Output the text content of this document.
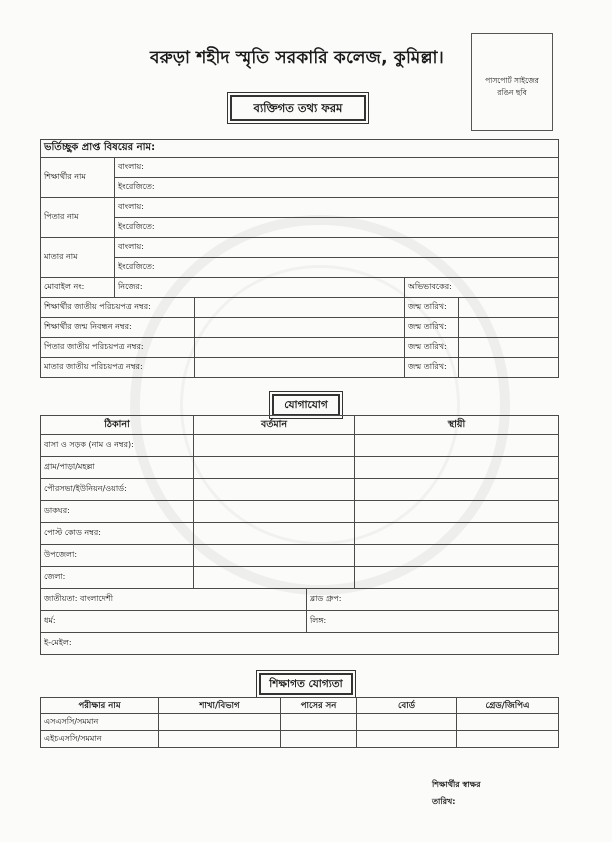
বরুড়া শহীদ স্মৃতি সরকারি কলেজ, কুমিল্লা।
পাসপোর্ট সাইজের
রঙিন ছবি
ব্যক্তিগত তথ্য ফরম
ভর্তিচ্ছুক প্রাপ্ত বিষয়ের নাম:				
শিক্ষার্থীর নাম	বাংলায়:			
	ইংরেজিতে:			
পিতার নাম	বাংলায়:			
	ইংরেজিতে:			
মাতার নাম	বাংলায়:			
	ইংরেজিতে:			
মোবাইল নং:	নিজের:		অভিভাবকের:	
শিক্ষার্থীর জাতীয় পরিচয়পত্র নম্বর:			জন্ম তারিখ:	
শিক্ষার্থীর জন্ম নিবন্ধন নম্বর:			জন্ম তারিখ:	
পিতার জাতীয় পরিচয়পত্র নম্বর:			জন্ম তারিখ:	
মাতার জাতীয় পরিচয়পত্র নম্বর:			জন্ম তারিখ:	
যোগাযোগ
ঠিকানা	বর্তমান		স্থায়ী
বাসা ও সড়ক (নাম ও নম্বর):			
গ্রাম/পাড়া/মহল্লা			
পৌরসভা/ইউনিয়ন/ওয়ার্ড:			
ডাকঘর:			
পোস্ট কোড নম্বর:			
উপজেলা:			
জেলা:			
জাতীয়তা: বাংলাদেশী		ব্লাড গ্রুপ:	
ধর্ম:		লিঙ্গ:	
ই-মেইল:			
শিক্ষাগত যোগ্যতা
পরীক্ষার নাম	শাখা/বিভাগ	পাসের সন	বোর্ড	গ্রেড/জিপিএ
এসএসসি/সমমান				
এইচএসসি/সমমান				
শিক্ষার্থীর স্বাক্ষর
তারিখ:
